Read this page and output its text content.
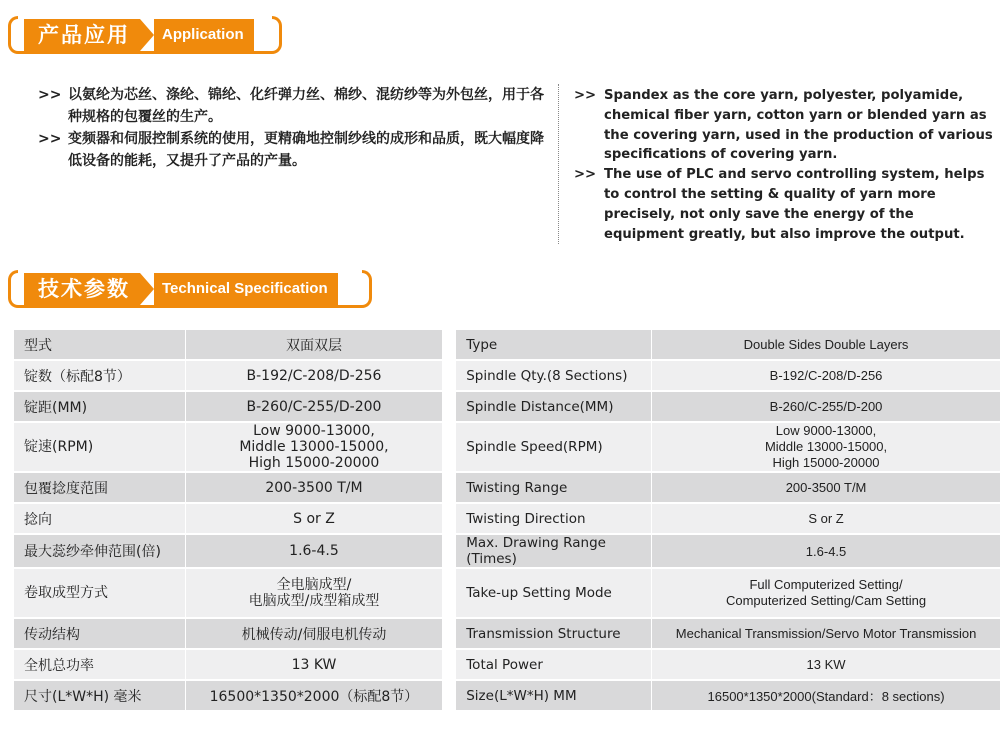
产品应用	Application

>> 以氨纶为芯丝、涤纶、锦纶、化纤弹力丝、棉纱、混纺纱等为外包丝，用于各种规格的包覆丝的生产。

>> 变频器和伺服控制系统的使用，更精确地控制纱线的成形和品质，既大幅度降低设备的能耗，又提升了产品的产量。

>> Spandex as the core yarn, polyester, polyamide, chemical fiber yarn, cotton yarn or blended yarn as the covering yarn, used in the production of various specifications of covering yarn.

>> The use of PLC and servo controlling system, helps to control the setting & quality of yarn more precisely, not only save the energy of the equipment greatly, but also improve the output.

技术参数	Technical Specification
型式	双面双层	Type	Double Sides Double Layers
锭数（标配8节）	B-192/C-208/D-256	Spindle Qty.(8 Sections)	B-192/C-208/D-256
锭距(MM)	B-260/C-255/D-200	Spindle Distance(MM)	B-260/C-255/D-200
锭速(RPM)	Low 9000-13000,
Middle 13000-15000,
High 15000-20000	Spindle Speed(RPM)	Low 9000-13000,
Middle 13000-15000,
High 15000-20000
包覆捻度范围	200-3500 T/M	Twisting Range	200-3500 T/M
捻向	S or Z	Twisting Direction	S or Z
最大蕊纱牵伸范围(倍)	1.6-4.5	Max. Drawing Range (Times)	1.6-4.5
卷取成型方式	全电脑成型/
电脑成型/成型箱成型	Take-up Setting Mode	Full Computerized Setting/
Computerized Setting/Cam Setting
传动结构	机械传动/伺服电机传动	Transmission Structure	Mechanical Transmission/Servo Motor Transmission
全机总功率	13 KW	Total Power	13 KW
尺寸(L*W*H) 毫米	16500*1350*2000（标配8节）	Size(L*W*H) MM	16500*1350*2000(Standard：8 sections)
